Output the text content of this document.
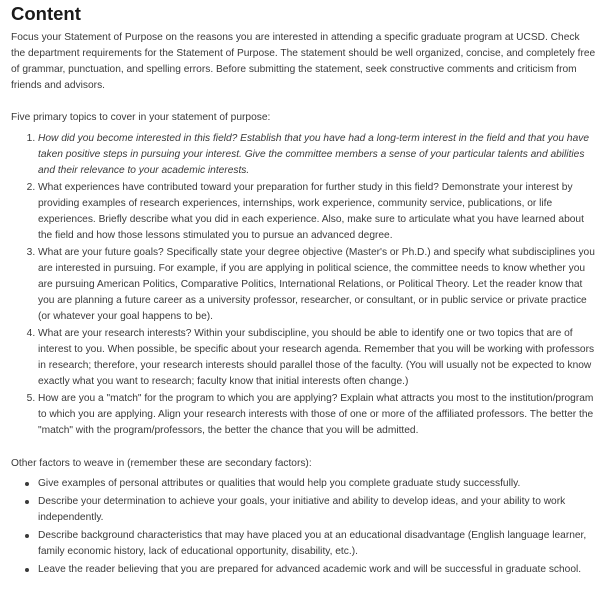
Content

Focus your Statement of Purpose on the reasons you are interested in attending a specific graduate program at UCSD. Check the department requirements for the Statement of Purpose. The statement should be well organized, concise, and completely free of grammar, punctuation, and spelling errors. Before submitting the statement, seek constructive comments and criticism from friends and advisors.

Five primary topics to cover in your statement of purpose:

1. How did you become interested in this field? Establish that you have had a long-term interest in the field and that you have taken positive steps in pursuing your interest. Give the committee members a sense of your particular talents and abilities and their relevance to your academic interests.
2. What experiences have contributed toward your preparation for further study in this field? Demonstrate your interest by providing examples of research experiences, internships, work experience, community service, publications, or life experiences. Briefly describe what you did in each experience. Also, make sure to articulate what you have learned about the field and how those lessons stimulated you to pursue an advanced degree.
3. What are your future goals? Specifically state your degree objective (Master's or Ph.D.) and specify what subdisciplines you are interested in pursuing. For example, if you are applying in political science, the committee needs to know whether you are pursuing American Politics, Comparative Politics, International Relations, or Political Theory. Let the reader know that you are planning a future career as a university professor, researcher, or consultant, or in public service or private practice (or whatever your goal happens to be).
4. What are your research interests? Within your subdiscipline, you should be able to identify one or two topics that are of interest to you. When possible, be specific about your research agenda. Remember that you will be working with professors in research; therefore, your research interests should parallel those of the faculty. (You will usually not be expected to know exactly what you want to research; faculty know that initial interests often change.)
5. How are you a "match" for the program to which you are applying? Explain what attracts you most to the institution/program to which you are applying. Align your research interests with those of one or more of the affiliated professors. The better the "match" with the program/professors, the better the chance that you will be admitted.

Other factors to weave in (remember these are secondary factors):

Give examples of personal attributes or qualities that would help you complete graduate study successfully.
Describe your determination to achieve your goals, your initiative and ability to develop ideas, and your ability to work independently.
Describe background characteristics that may have placed you at an educational disadvantage (English language learner, family economic history, lack of educational opportunity, disability, etc.).
Leave the reader believing that you are prepared for advanced academic work and will be successful in graduate school.
